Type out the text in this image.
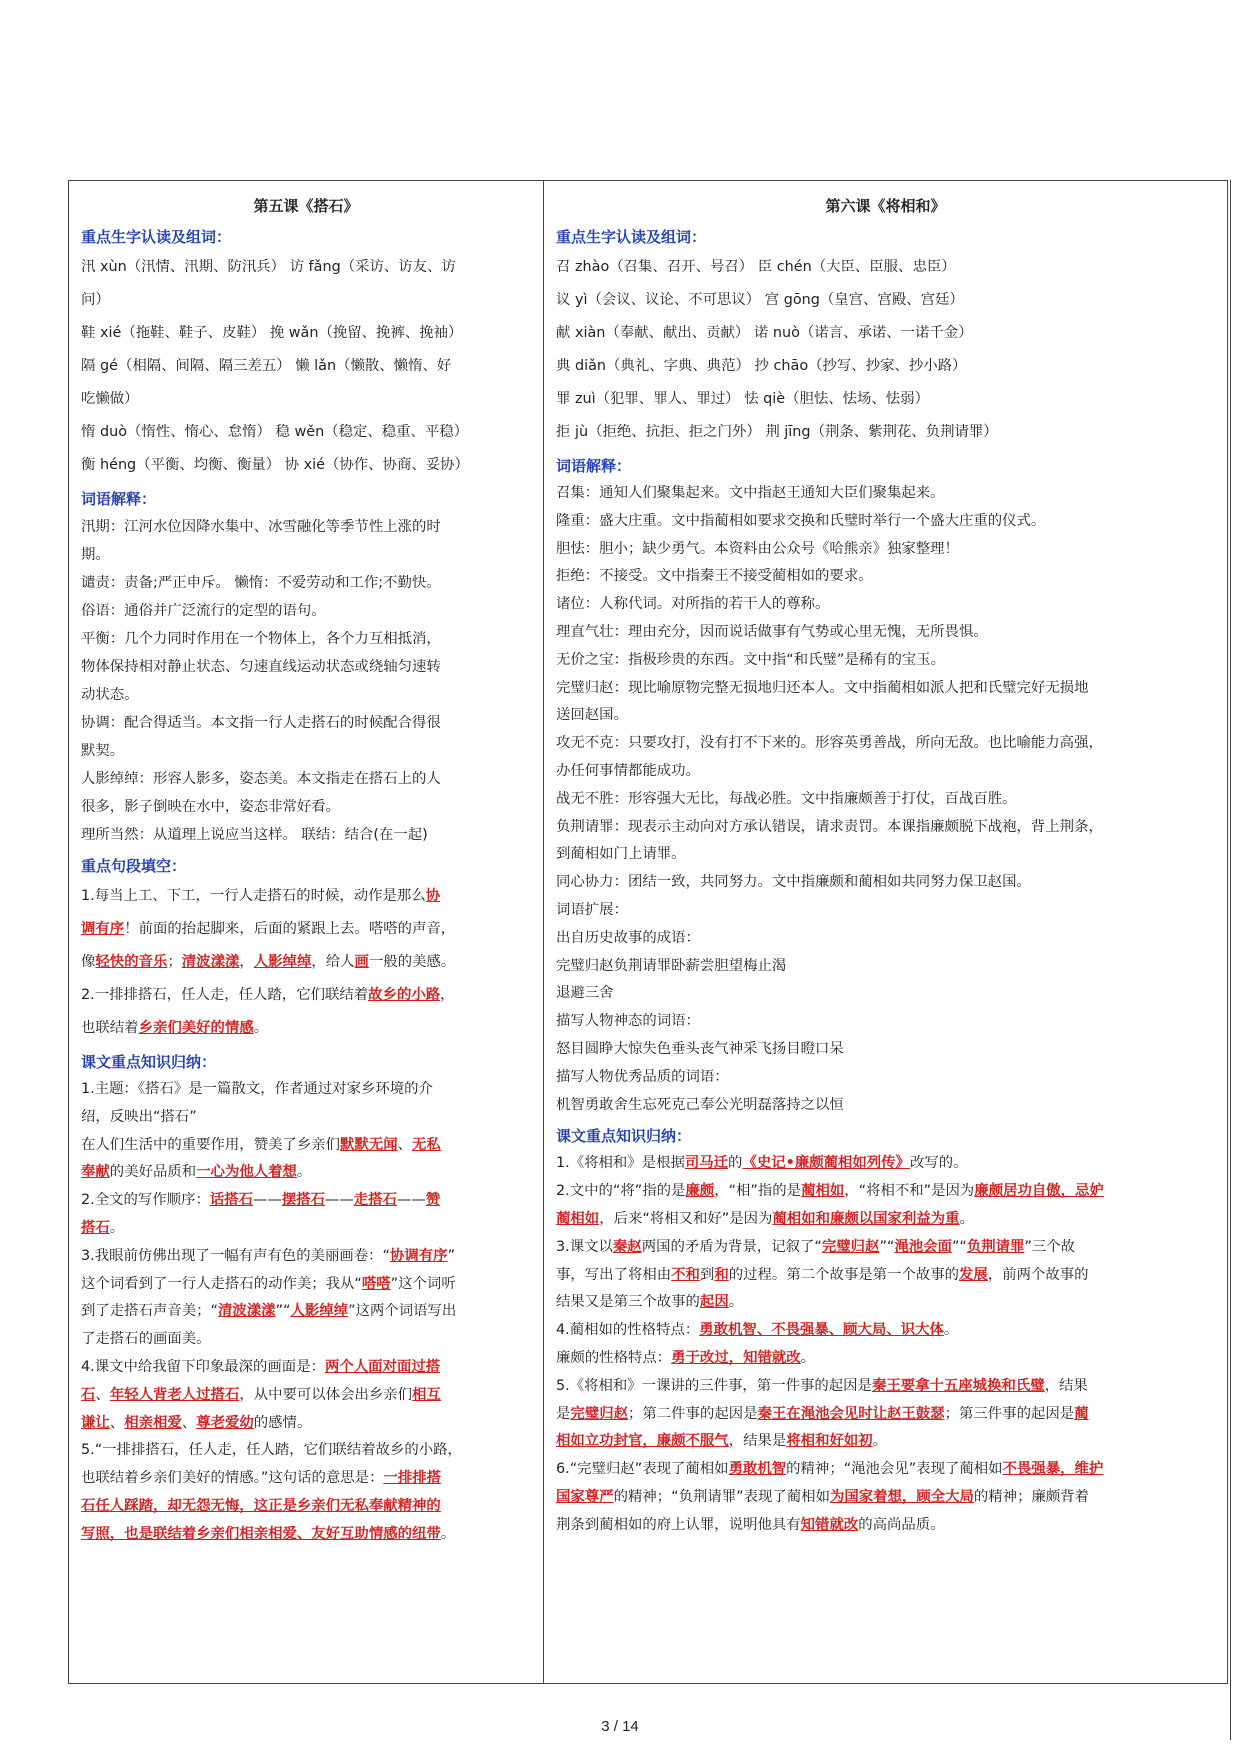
第五课《搭石》
重点生字认读及组词：
汛 xùn（汛情、汛期、防汛兵） 访 fǎng（采访、访友、访
问）
鞋 xié（拖鞋、鞋子、皮鞋） 挽 wǎn（挽留、挽裤、挽袖）
隔 gé（相隔、间隔、隔三差五） 懒 lǎn（懒散、懒惰、好
吃懒做）
惰 duò（惰性、惰心、怠惰） 稳 wěn（稳定、稳重、平稳）
衡 héng（平衡、均衡、衡量） 协 xié（协作、协商、妥协）
词语解释：
汛期：江河水位因降水集中、冰雪融化等季节性上涨的时
期。
谴责：责备;严正申斥。 懒惰：不爱劳动和工作;不勤快。
俗语：通俗并广泛流行的定型的语句。
平衡：几个力同时作用在一个物体上，各个力互相抵消，
物体保持相对静止状态、匀速直线运动状态或绕轴匀速转
动状态。
协调：配合得适当。本文指一行人走搭石的时候配合得很
默契。
人影绰绰：形容人影多，姿态美。本文指走在搭石上的人
很多，影子倒映在水中，姿态非常好看。
理所当然：从道理上说应当这样。 联结：结合(在一起)
重点句段填空：
1.每当上工、下工，一行人走搭石的时候，动作是那么协
调有序！前面的抬起脚来，后面的紧跟上去。嗒嗒的声音，
像轻快的音乐；清波漾漾，人影绰绰，给人画一般的美感。
2.一排排搭石，任人走，任人踏，它们联结着故乡的小路，
也联结着乡亲们美好的情感。
课文重点知识归纳：
1.主题：《搭石》是一篇散文，作者通过对家乡环境的介
绍，反映出“搭石”
在人们生活中的重要作用，赞美了乡亲们默默无闻、无私
奉献的美好品质和一心为他人着想。
2.全文的写作顺序：话搭石——摆搭石——走搭石——赞
搭石。
3.我眼前仿佛出现了一幅有声有色的美丽画卷：“协调有序”
这个词看到了一行人走搭石的动作美；我从“嗒嗒”这个词听
到了走搭石声音美；“清波漾漾”“人影绰绰”这两个词语写出
了走搭石的画面美。
4.课文中给我留下印象最深的画面是：两个人面对面过搭
石、年轻人背老人过搭石，从中要可以体会出乡亲们相互
谦让、相亲相爱、尊老爱幼的感情。
5.“一排排搭石，任人走，任人踏，它们联结着故乡的小路，
也联结着乡亲们美好的情感。”这句话的意思是：一排排搭
石任人踩踏，却无怨无悔，这正是乡亲们无私奉献精神的
写照，也是联结着乡亲们相亲相爱、友好互助情感的纽带。
第六课《将相和》
重点生字认读及组词：
召 zhào（召集、召开、号召） 臣 chén（大臣、臣服、忠臣）
议 yì（会议、议论、不可思议） 宫 gōng（皇宫、宫殿、宫廷）
献 xiàn（奉献、献出、贡献） 诺 nuò（诺言、承诺、一诺千金）
典 diǎn（典礼、字典、典范） 抄 chāo（抄写、抄家、抄小路）
罪 zuì（犯罪、罪人、罪过） 怯 qiè（胆怯、怯场、怯弱）
拒 jù（拒绝、抗拒、拒之门外） 荆 jīng（荆条、紫荆花、负荆请罪）
词语解释：
召集：通知人们聚集起来。文中指赵王通知大臣们聚集起来。
隆重：盛大庄重。文中指蔺相如要求交换和氏璧时举行一个盛大庄重的仪式。
胆怯：胆小；缺少勇气。本资料由公众号《哈熊亲》独家整理！
拒绝：不接受。文中指秦王不接受蔺相如的要求。
诸位：人称代词。对所指的若干人的尊称。
理直气壮：理由充分，因而说话做事有气势或心里无愧，无所畏惧。
无价之宝：指极珍贵的东西。文中指“和氏璧”是稀有的宝玉。
完璧归赵：现比喻原物完整无损地归还本人。文中指蔺相如派人把和氏璧完好无损地
送回赵国。
攻无不克：只要攻打，没有打不下来的。形容英勇善战，所向无敌。也比喻能力高强，
办任何事情都能成功。
战无不胜：形容强大无比，每战必胜。文中指廉颇善于打仗，百战百胜。
负荆请罪：现表示主动向对方承认错误，请求责罚。本课指廉颇脱下战袍，背上荆条，
到蔺相如门上请罪。
同心协力：团结一致，共同努力。文中指廉颇和蔺相如共同努力保卫赵国。
词语扩展：
出自历史故事的成语：
完璧归赵负荆请罪卧薪尝胆望梅止渴
退避三舍
描写人物神态的词语：
怒目圆睁大惊失色垂头丧气神采飞扬目瞪口呆
描写人物优秀品质的词语：
机智勇敢舍生忘死克己奉公光明磊落持之以恒
课文重点知识归纳：
1.《将相和》是根据司马迁的《史记•廉颇蔺相如列传》改写的。
2.文中的“将”指的是廉颇，“相”指的是蔺相如，“将相不和”是因为廉颇居功自傲，忌妒
蔺相如，后来“将相又和好”是因为蔺相如和廉颇以国家利益为重。
3.课文以秦赵两国的矛盾为背景，记叙了“完璧归赵”“渑池会面”“负荆请罪”三个故
事，写出了将相由不和到和的过程。第二个故事是第一个故事的发展，前两个故事的
结果又是第三个故事的起因。
4.蔺相如的性格特点：勇敢机智、不畏强暴、顾大局、识大体。
廉颇的性格特点：勇于改过，知错就改。
5.《将相和》一课讲的三件事，第一件事的起因是秦王要拿十五座城换和氏璧，结果
是完璧归赵；第二件事的起因是秦王在渑池会见时让赵王鼓瑟；第三件事的起因是蔺
相如立功封官，廉颇不服气，结果是将相和好如初。
6.“完璧归赵”表现了蔺相如勇敢机智的精神；“渑池会见”表现了蔺相如不畏强暴，维护
国家尊严的精神；“负荆请罪”表现了蔺相如为国家着想，顾全大局的精神；廉颇背着
荆条到蔺相如的府上认罪，说明他具有知错就改的高尚品质。
3 / 14
